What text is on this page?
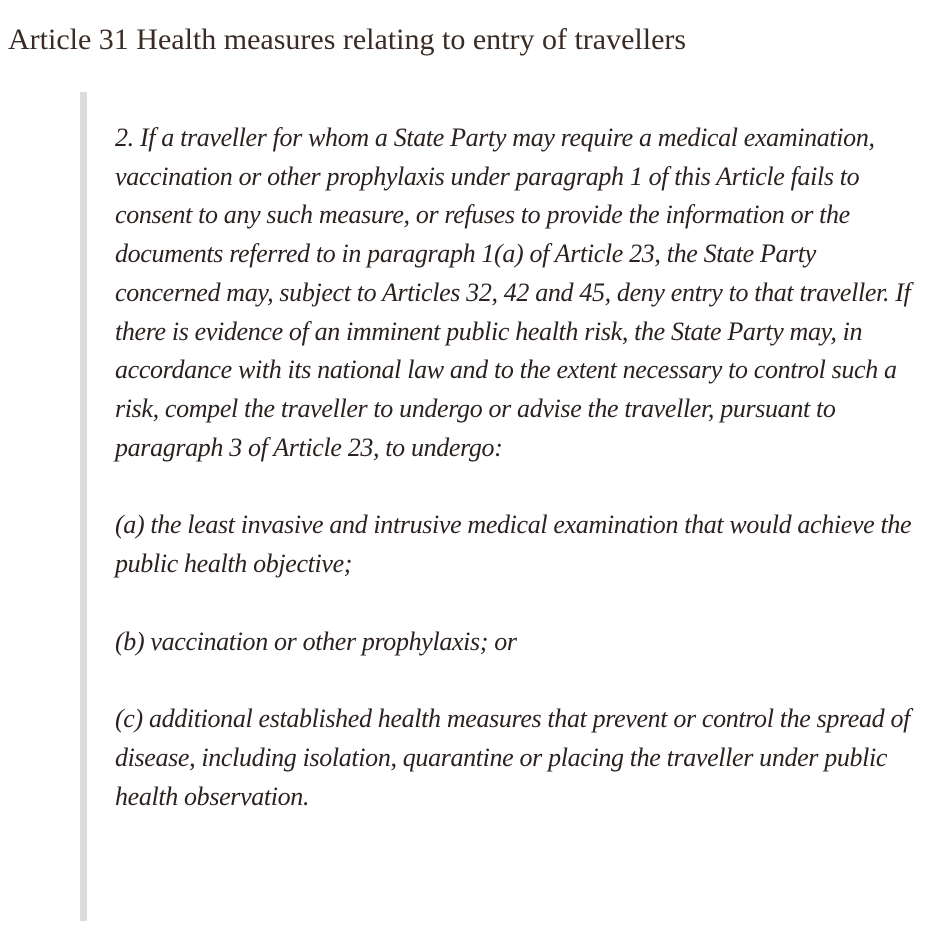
Article 31 Health measures relating to entry of travellers

2. If a traveller for whom a State Party may require a medical examination, vaccination or other prophylaxis under paragraph 1 of this Article fails to consent to any such measure, or refuses to provide the information or the documents referred to in paragraph 1(a) of Article 23, the State Party concerned may, subject to Articles 32, 42 and 45, deny entry to that traveller. If there is evidence of an imminent public health risk, the State Party may, in accordance with its national law and to the extent necessary to control such a risk, compel the traveller to undergo or advise the traveller, pursuant to paragraph 3 of Article 23, to undergo:

(a) the least invasive and intrusive medical examination that would achieve the public health objective;

(b) vaccination or other prophylaxis; or

(c) additional established health measures that prevent or control the spread of disease, including isolation, quarantine or placing the traveller under public health observation.
